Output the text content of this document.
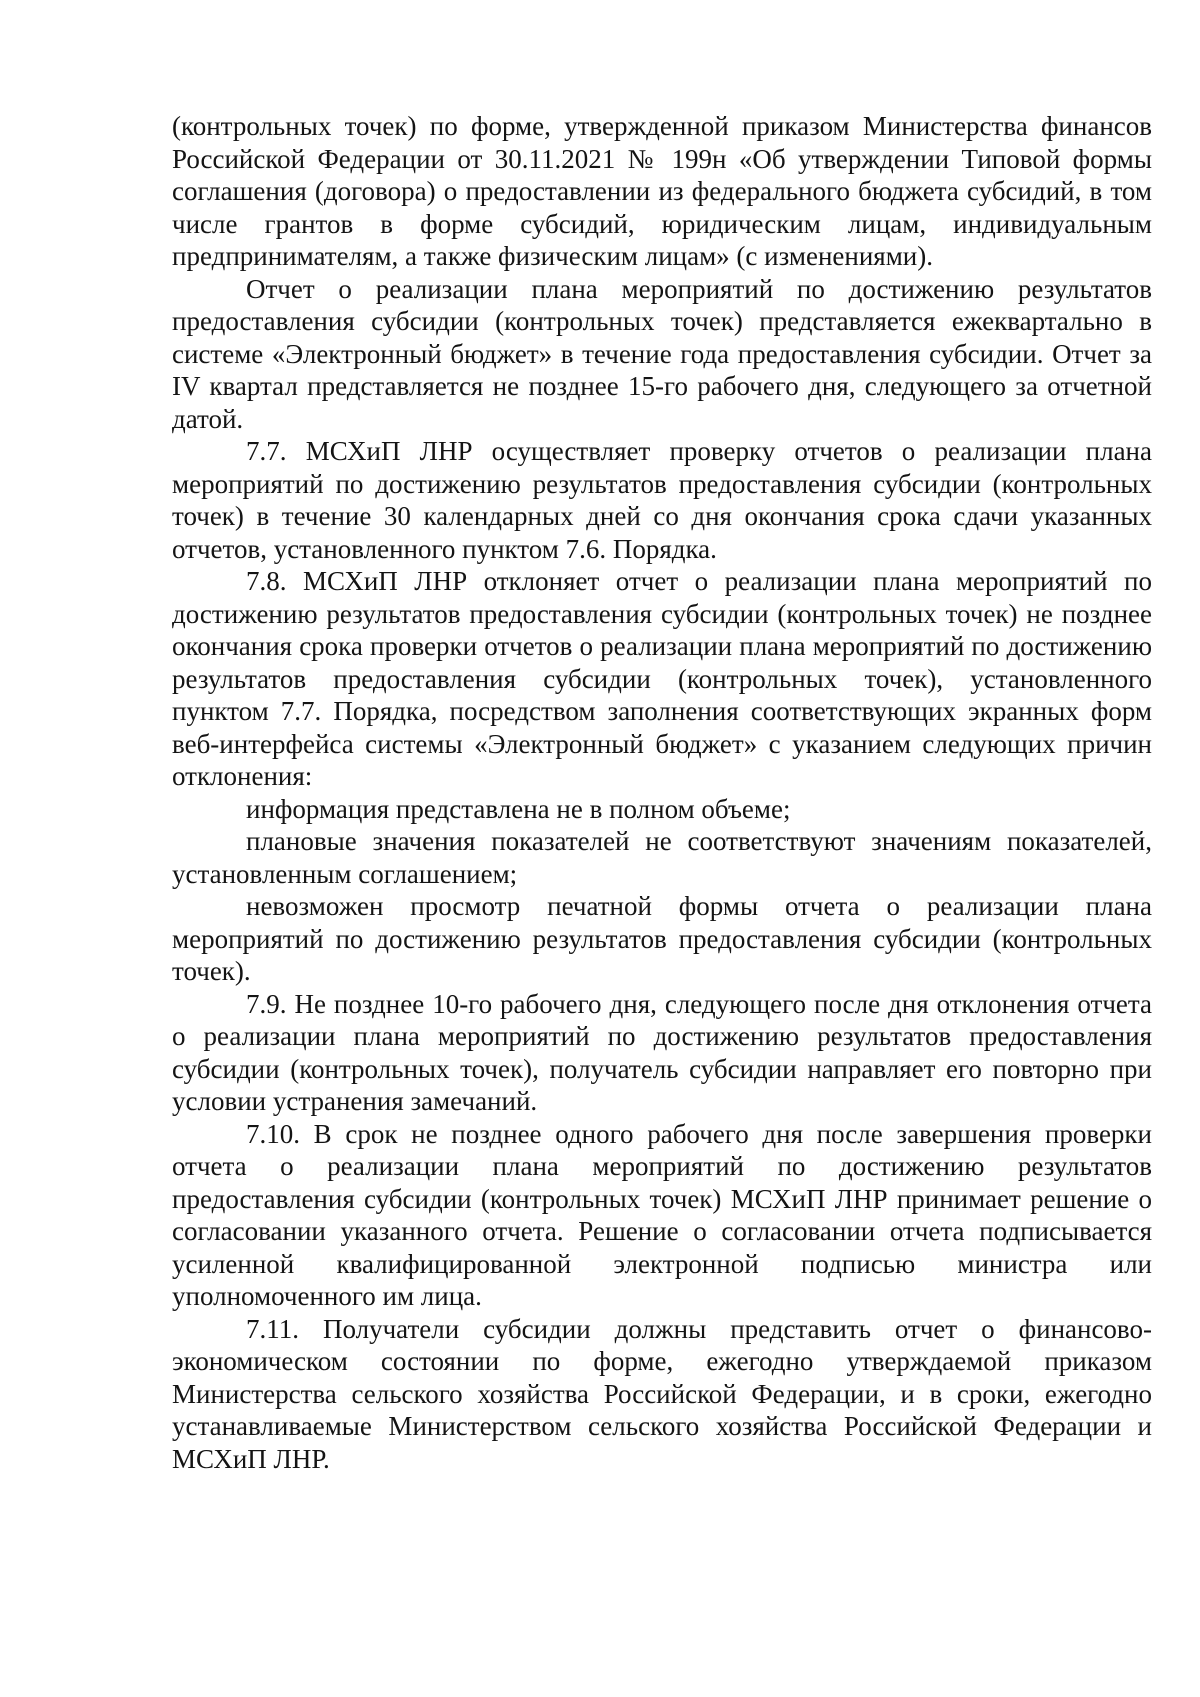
(контрольных точек) по форме, утвержденной приказом Министерства финансов Российской Федерации от 30.11.2021 № 199н «Об утверждении Типовой формы соглашения (договора) о предоставлении из федерального бюджета субсидий, в том числе грантов в форме субсидий, юридическим лицам, индивидуальным предпринимателям, а также физическим лицам» (с изменениями).

Отчет о реализации плана мероприятий по достижению результатов предоставления субсидии (контрольных точек) представляется ежеквартально в системе «Электронный бюджет» в течение года предоставления субсидии. Отчет за IV квартал представляется не позднее 15-го рабочего дня, следующего за отчетной датой.

7.7. МСХиП ЛНР осуществляет проверку отчетов о реализации плана мероприятий по достижению результатов предоставления субсидии (контрольных точек) в течение 30 календарных дней со дня окончания срока сдачи указанных отчетов, установленного пунктом 7.6. Порядка.

7.8. МСХиП ЛНР отклоняет отчет о реализации плана мероприятий по достижению результатов предоставления субсидии (контрольных точек) не позднее окончания срока проверки отчетов о реализации плана мероприятий по достижению результатов предоставления субсидии (контрольных точек), установленного пунктом 7.7. Порядка, посредством заполнения соответствующих экранных форм веб-интерфейса системы «Электронный бюджет» с указанием следующих причин отклонения:

информация представлена не в полном объеме;

плановые значения показателей не соответствуют значениям показателей, установленным соглашением;

невозможен просмотр печатной формы отчета о реализации плана мероприятий по достижению результатов предоставления субсидии (контрольных точек).

7.9. Не позднее 10-го рабочего дня, следующего после дня отклонения отчета о реализации плана мероприятий по достижению результатов предоставления субсидии (контрольных точек), получатель субсидии направляет его повторно при условии устранения замечаний.

7.10. В срок не позднее одного рабочего дня после завершения проверки отчета о реализации плана мероприятий по достижению результатов предоставления субсидии (контрольных точек) МСХиП ЛНР принимает решение о согласовании указанного отчета. Решение о согласовании отчета подписывается усиленной квалифицированной электронной подписью министра или уполномоченного им лица.

7.11. Получатели субсидии должны представить отчет о финансово-экономическом состоянии по форме, ежегодно утверждаемой приказом Министерства сельского хозяйства Российской Федерации, и в сроки, ежегодно устанавливаемые Министерством сельского хозяйства Российской Федерации и МСХиП ЛНР.
